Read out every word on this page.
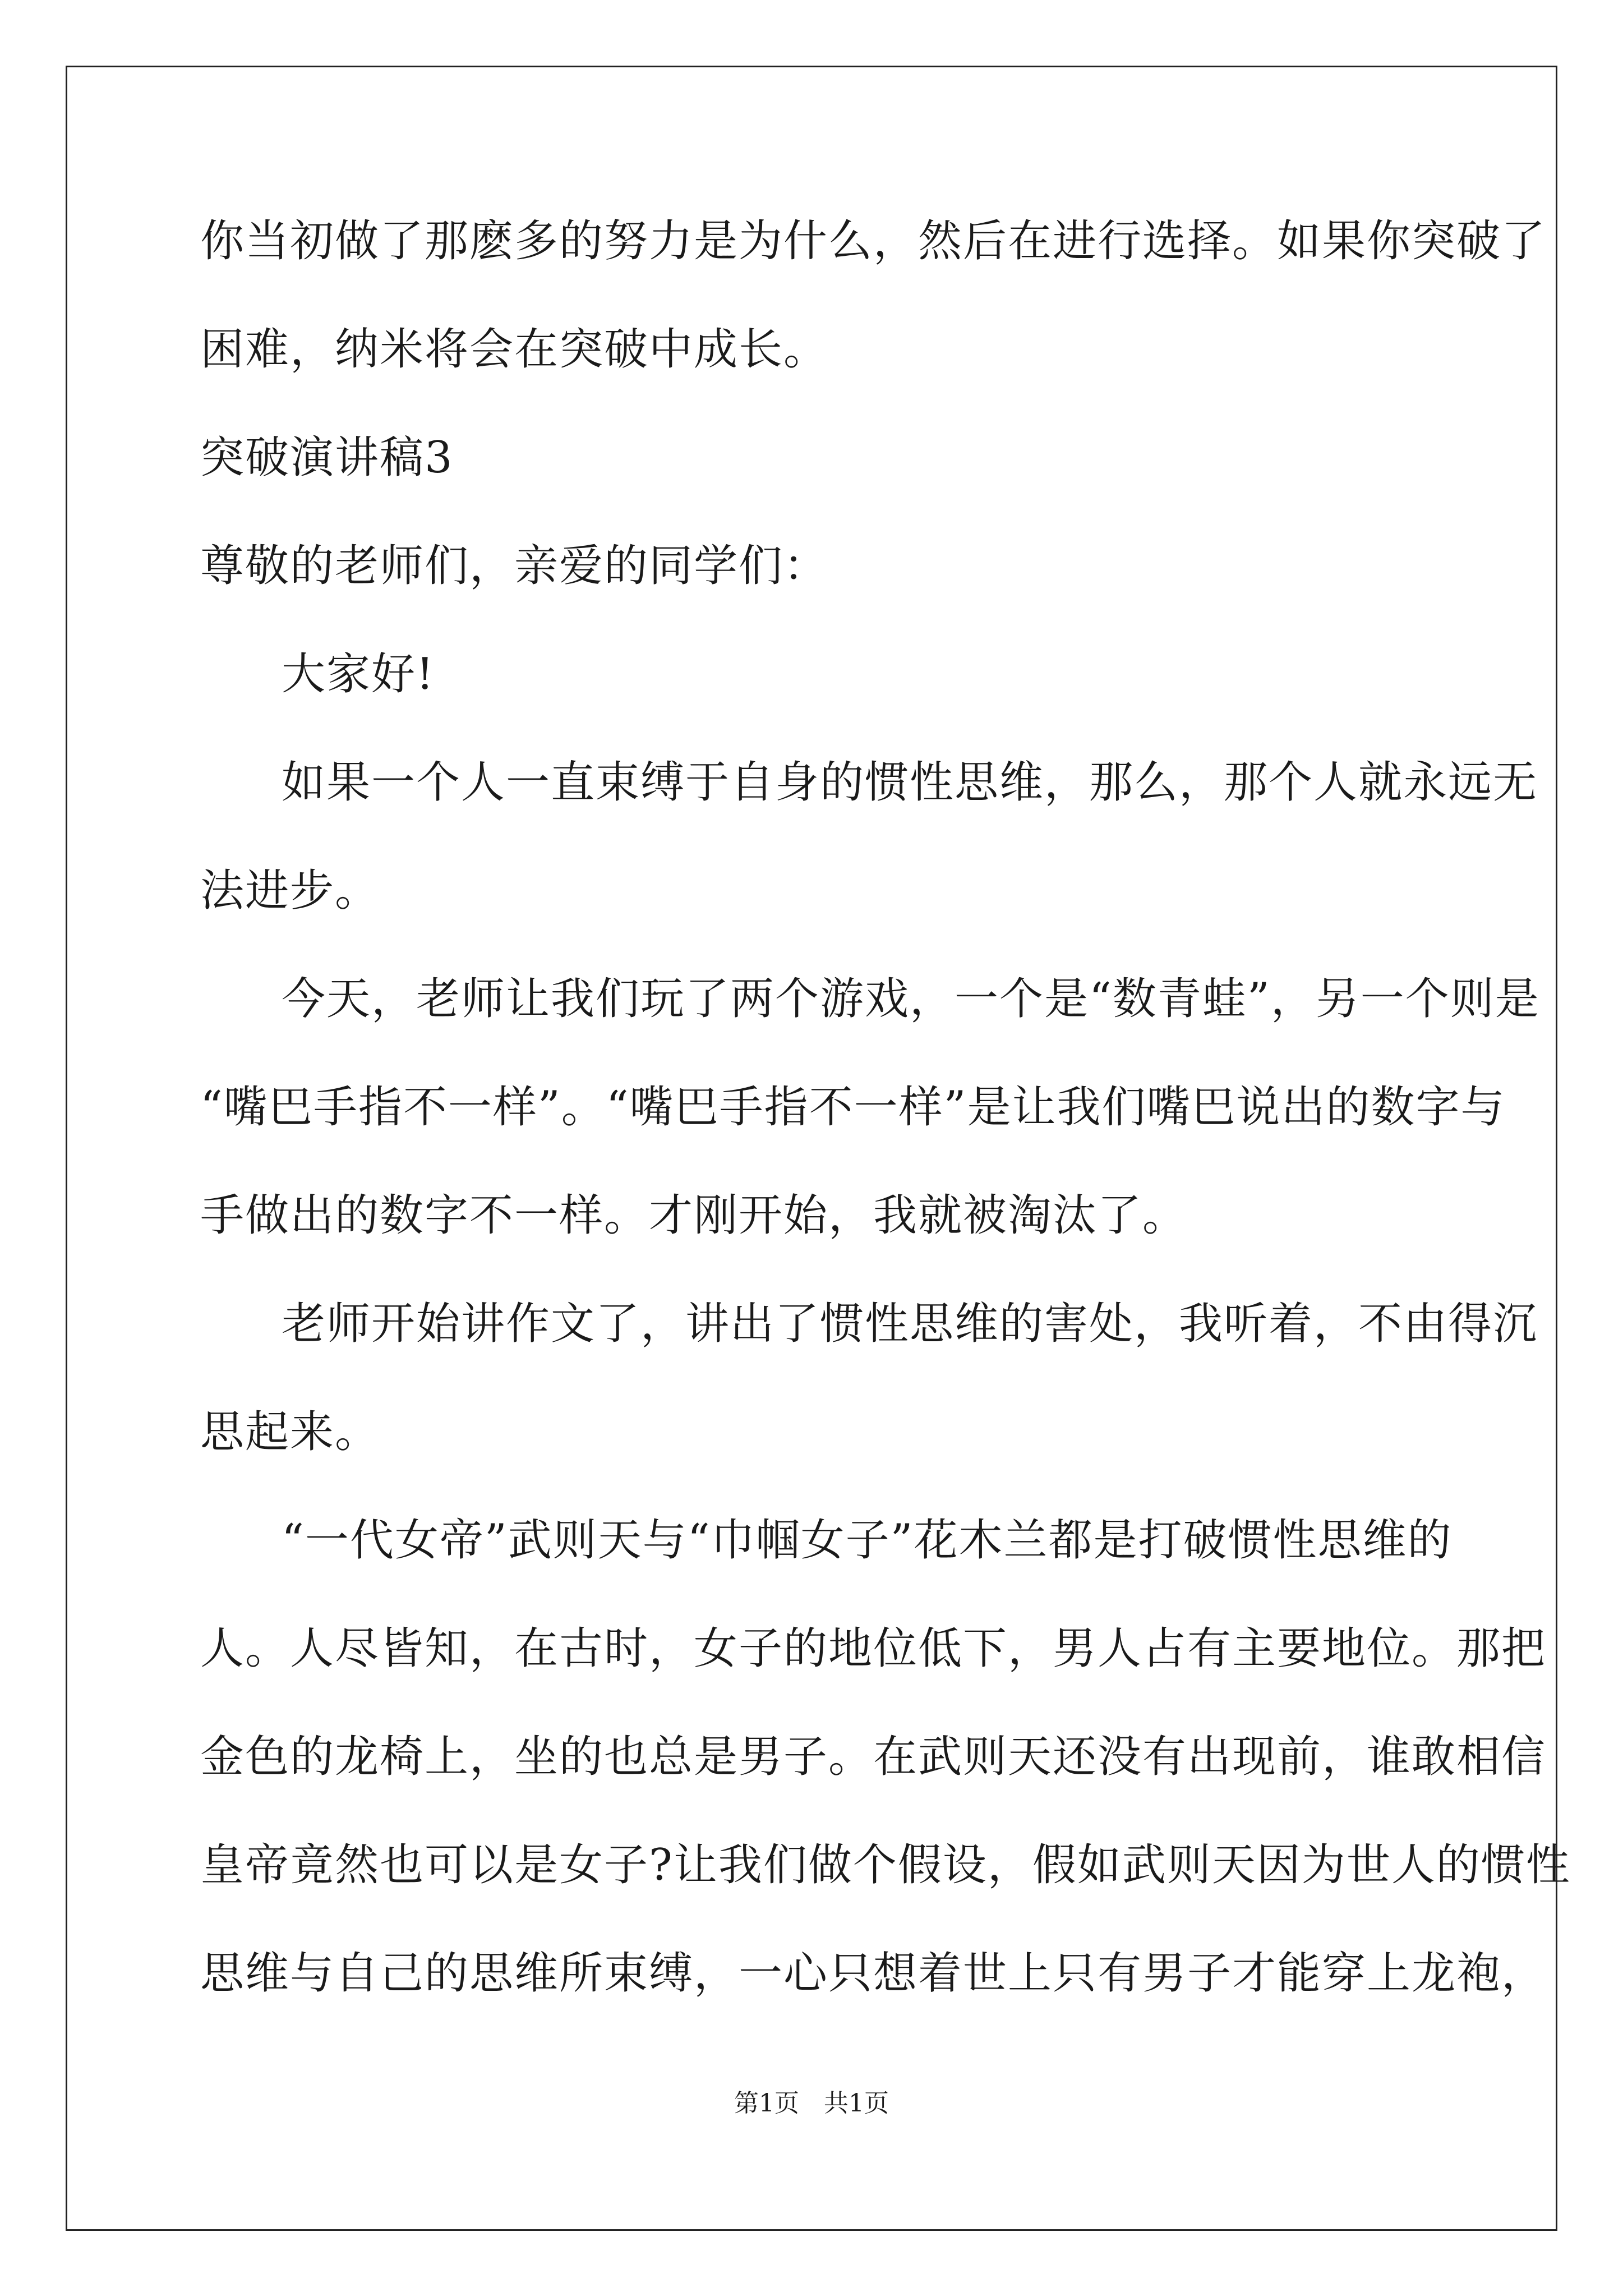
你当初做了那麽多的努力是为什么，然后在进行选择。如果你突破了
困难，纳米将会在突破中成长。
突破演讲稿3
尊敬的老师们，亲爱的同学们：
大家好!
如果一个人一直束缚于自身的惯性思维，那么，那个人就永远无
法进步。
今天，老师让我们玩了两个游戏，一个是“数青蛙”，另一个则是
“嘴巴手指不一样”。“嘴巴手指不一样”是让我们嘴巴说出的数字与
手做出的数字不一样。才刚开始，我就被淘汰了。
老师开始讲作文了，讲出了惯性思维的害处，我听着，不由得沉
思起来。
“一代女帝”武则天与“巾帼女子”花木兰都是打破惯性思维的
人。人尽皆知，在古时，女子的地位低下，男人占有主要地位。那把
金色的龙椅上，坐的也总是男子。在武则天还没有出现前，谁敢相信
皇帝竟然也可以是女子?让我们做个假设，假如武则天因为世人的惯性
思维与自己的思维所束缚，一心只想着世上只有男子才能穿上龙袍，
第1页　共1页
